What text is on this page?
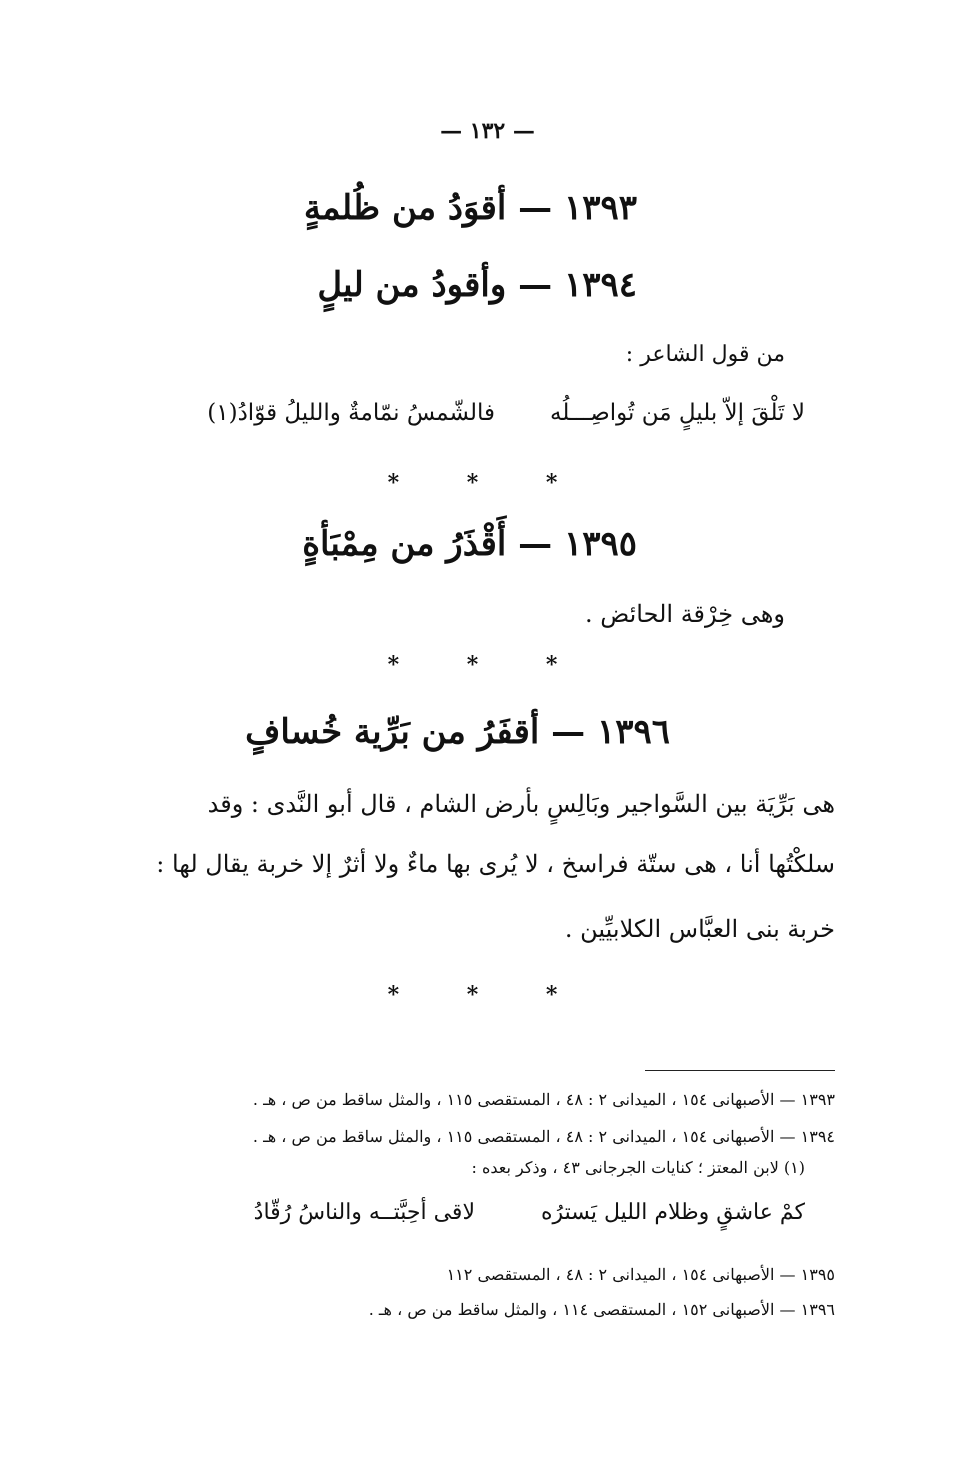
— ١٣٢ —
١٣٩٣ — أقوَدُ من ظُلمةٍ
١٣٩٤ — وأقودُ من ليلٍ
من قول الشاعر :
لا تَلْقَ إلاّ بليلٍ مَن تُواصِـــلُه
فالشّمسُ نمّامةٌ والليلُ قوّادُ(١)
* * *
١٣٩٥ — أَقْذَرُ من مِمْبَأةٍ
وهى خِرْقة الحائض .
* * *
١٣٩٦ — أقفَرُ من بَرِّية خُسافٍ
هى بَرِّيَة بين السَّواجير وبَالِسٍ بأرض الشام ، قال أبو النَّدى : وقد
سلكْتُها أنا ، هى ستّة فراسخ ، لا يُرى بها ماءٌ ولا أثرٌ إلا خربة يقال لها :
خربة بنى العبَّاس الكلابيِّين .
* * *
١٣٩٣ — الأصبهانى ١٥٤ ، الميدانى ٢ : ٤٨ ، المستقصى ١١٥ ، والمثل ساقط من ص ، هـ .
١٣٩٤ — الأصبهانى ١٥٤ ، الميدانى ٢ : ٤٨ ، المستقصى ١١٥ ، والمثل ساقط من ص ، هـ .
(١) لابن المعتز ؛ كنايات الجرجانى ٤٣ ، وذكر بعده :
كمْ عاشقٍ وظلام الليل يَسترُه
لاقى أحِبَّتــه والناسُ رُقّادُ
١٣٩٥ — الأصبهانى ١٥٤ ، الميدانى ٢ : ٤٨ ، المستقصى ١١٢
١٣٩٦ — الأصبهانى ١٥٢ ، المستقصى ١١٤ ، والمثل ساقط من ص ، هـ .
